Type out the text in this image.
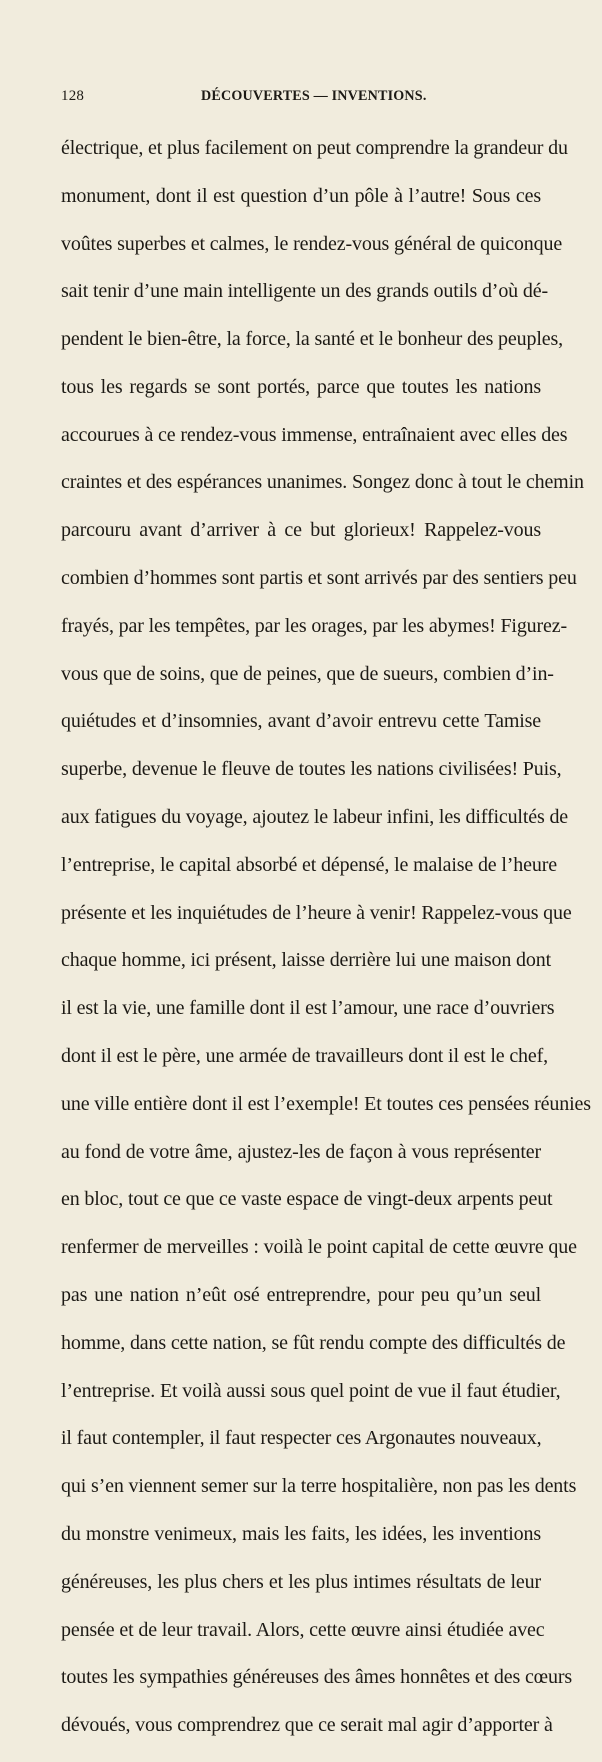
128	DÉCOUVERTES — INVENTIONS.

électrique, et plus facilement on peut comprendre la grandeur du

monument, dont il est question d’un pôle à l’autre! Sous ces

voûtes superbes et calmes, le rendez-vous général de quiconque

sait tenir d’une main intelligente un des grands outils d’où dé-

pendent le bien-être, la force, la santé et le bonheur des peuples,

tous les regards se sont portés, parce que toutes les nations

accourues à ce rendez-vous immense, entraînaient avec elles des

craintes et des espérances unanimes. Songez donc à tout le chemin

parcouru avant d’arriver à ce but glorieux! Rappelez-vous

combien d’hommes sont partis et sont arrivés par des sentiers peu

frayés, par les tempêtes, par les orages, par les abymes! Figurez-

vous que de soins, que de peines, que de sueurs, combien d’in-

quiétudes et d’insomnies, avant d’avoir entrevu cette Tamise

superbe, devenue le fleuve de toutes les nations civilisées! Puis,

aux fatigues du voyage, ajoutez le labeur infini, les difficultés de

l’entreprise, le capital absorbé et dépensé, le malaise de l’heure

présente et les inquiétudes de l’heure à venir! Rappelez-vous que

chaque homme, ici présent, laisse derrière lui une maison dont

il est la vie, une famille dont il est l’amour, une race d’ouvriers

dont il est le père, une armée de travailleurs dont il est le chef,

une ville entière dont il est l’exemple! Et toutes ces pensées réunies

au fond de votre âme, ajustez-les de façon à vous représenter

en bloc, tout ce que ce vaste espace de vingt-deux arpents peut

renfermer de merveilles : voilà le point capital de cette œuvre que

pas une nation n’eût osé entreprendre, pour peu qu’un seul

homme, dans cette nation, se fût rendu compte des difficultés de

l’entreprise. Et voilà aussi sous quel point de vue il faut étudier,

il faut contempler, il faut respecter ces Argonautes nouveaux,

qui s’en viennent semer sur la terre hospitalière, non pas les dents

du monstre venimeux, mais les faits, les idées, les inventions

généreuses, les plus chers et les plus intimes résultats de leur

pensée et de leur travail. Alors, cette œuvre ainsi étudiée avec

toutes les sympathies généreuses des âmes honnêtes et des cœurs

dévoués, vous comprendrez que ce serait mal agir d’apporter à
